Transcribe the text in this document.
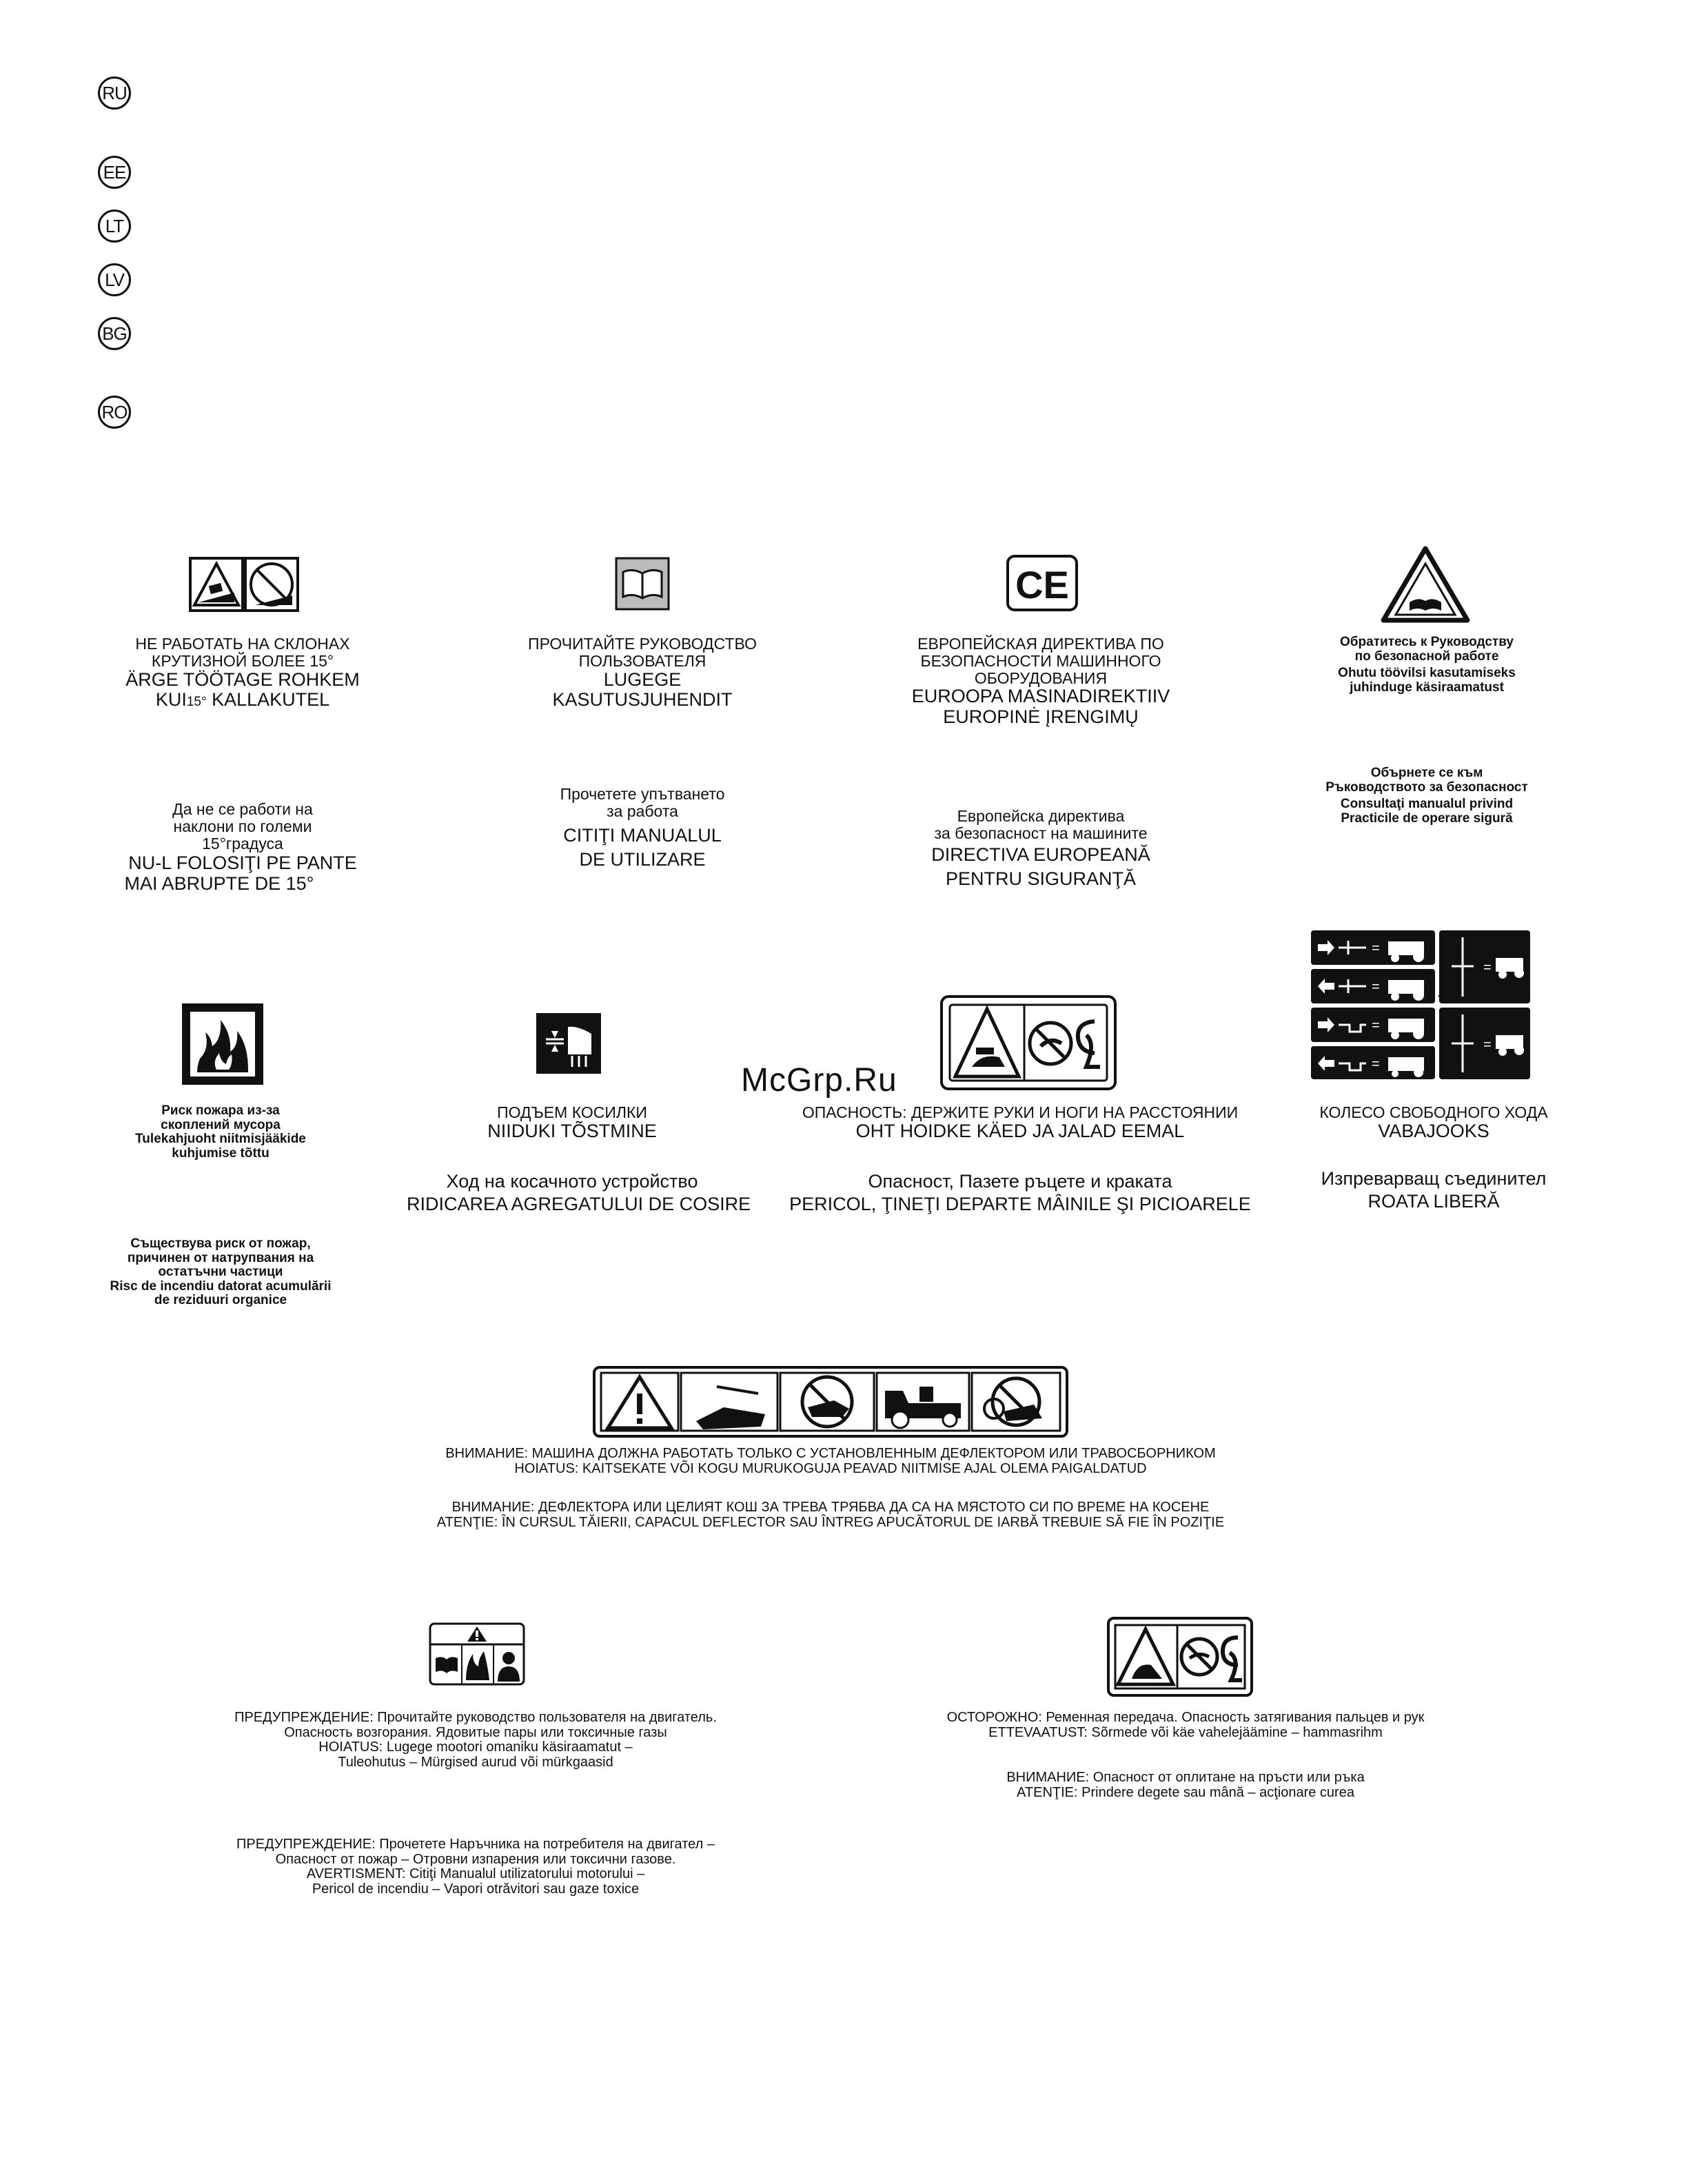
RU
EE
LT
LV
BG
RO
CE
НЕ РАБОТАТЬ НА СКЛОНАХ
КРУТИЗНОЙ БОЛЕЕ 15°
ÄRGE TÖÖTAGE ROHKEM
KUI15° KALLAKUTEL
Да не се работи на
наклони по големи
15°градуса
NU-L FOLOSIŢI PE PANTE
MAI ABRUPTE DE 15°
ПРОЧИТАЙТЕ РУКОВОДСТВО
ПОЛЬЗОВАТЕЛЯ
LUGEGE
KASUTUSJUHENDIT
Прочетете упътването
за работа
CITIŢI MANUALUL
DE UTILIZARE
ЕВРОПЕЙСКАЯ ДИРЕКТИВА ПО
БЕЗОПАСНОСТИ МАШИННОГО
ОБОРУДОВАНИЯ
EUROOPA MASINADIREKTIIV
EUROPINĖ ĮRENGIMŲ
Европейска директива
за безопасност на машините
DIRECTIVA EUROPEANĂ
PENTRU SIGURANŢĂ
Обратитесь к Руководству
по безопасной работе
Ohutu töövilsi kasutamiseks
juhinduge käsiraamatust
Обърнете се към
Ръководството за безопасност
Consultaţi manualul privind
Practicile de operare sigură
=
=
=
=
=
=
Риск пожара из-за
скоплений мусора
Tulekahjuoht niitmisjääkide
kuhjumise tõttu
Съществува риск от пожар,
причинен от натрупвания на
остатъчни частици
Risc de incendiu datorat acumulării
de reziduuri organice
ПОДЪЕМ КОСИЛКИ
NIIDUKI TÕSTMINE
Ход на косачното устройство
RIDICAREA AGREGATULUI DE COSIRE
ОПАСНОСТЬ: ДЕРЖИТЕ РУКИ И НОГИ НА РАССТОЯНИИ
OHT HOIDKE KÄED JA JALAD EEMAL
Опасност, Пазете ръцете и краката
PERICOL, ŢINEŢI DEPARTE MÂINILE ŞI PICIOARELE
КОЛЕСО СВОБОДНОГО ХОДА
VABAJOOKS
Изпреварващ съединител
ROATA LIBERĂ
McGrp.Ru
ВНИМАНИЕ: МАШИНА ДОЛЖНА РАБОТАТЬ ТОЛЬКО С УСТАНОВЛЕННЫМ ДЕФЛЕКТОРОМ ИЛИ ТРАВОСБОРНИКОМ
HOIATUS: KAITSEKATE VÕI KOGU MURUKOGUJA PEAVAD NIITMISE AJAL OLEMA PAIGALDATUD
ВНИМАНИЕ: ДЕФЛЕКТОРА ИЛИ ЦЕЛИЯТ КОШ ЗА ТРЕВА ТРЯБВА ДА СА НА МЯСТОТО СИ ПО ВРЕМЕ НА КОСЕНЕ
ATENŢIE: ÎN CURSUL TĂIERII, CAPACUL DEFLECTOR SAU ÎNTREG APUCĂTORUL DE IARBĂ TREBUIE SĂ FIE ÎN POZIŢIE
ПРЕДУПРЕЖДЕНИЕ: Прочитайте руководство пользователя на двигатель.
Опасность возгорания. Ядовитые пары или токсичные газы
HOIATUS: Lugege mootori omaniku käsiraamatut –
Tuleohutus – Mürgised aurud või mürkgaasid
ПРЕДУПРЕЖДЕНИЕ: Прочетете Наръчника на потребителя на двигател –
Опасност от пожар – Отровни изпарения или токсични газове.
AVERTISMENT: Citiţi Manualul utilizatorului motorului –
Pericol de incendiu – Vapori otrăvitori sau gaze toxice
ОСТОРОЖНО: Ременная передача. Опасность затягивания пальцев и рук
ETTEVAATUST: Sõrmede või käe vahelejäämine – hammasrihm
ВНИМАНИЕ: Опасност от оплитане на пръсти или ръка
ATENŢIE: Prindere degete sau mână – acţionare curea
